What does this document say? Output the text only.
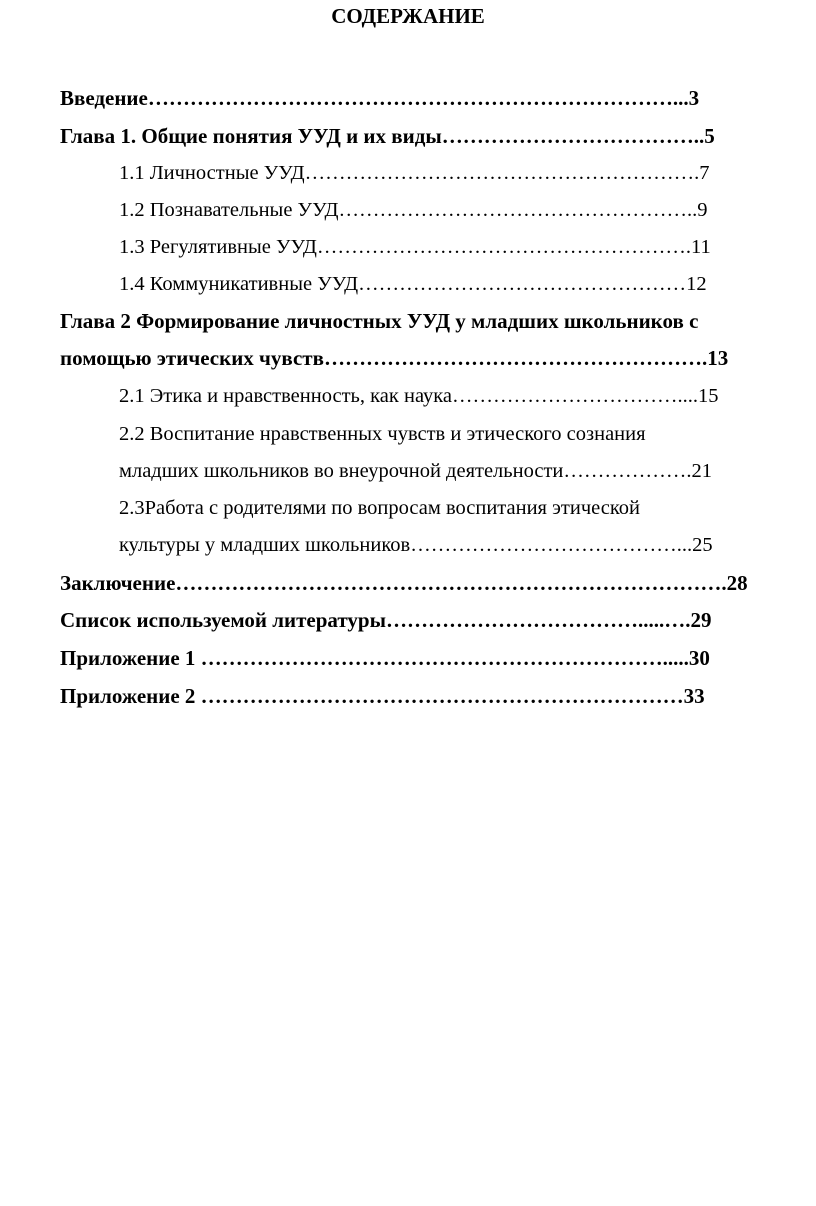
СОДЕРЖАНИЕ
Введение…………………………………………………………………...3
Глава 1. Общие понятия УУД и их виды………………………………..5
1.1 Личностные УУД………………………………………………….7
1.2 Познавательные УУД……………………………………………..9
1.3 Регулятивные УУД……………………………………………….11
1.4 Коммуникативные УУД…………………………………………12
Глава 2 Формирование личностных УУД у младших школьников с
помощью этических чувств……………………………………………….13
2.1 Этика и нравственность, как наука……………………………....15
2.2 Воспитание нравственных чувств и этического сознания
младших школьников во внеурочной деятельности……………….21
2.3Работа с родителями по вопросам воспитания этической
культуры у младших школьников…………………………………...25
Заключение…………………………………………………………………….28
Список используемой литературы……………………………….....….29
Приложение 1 ………………………………………………………….....30
Приложение 2 ……………………………………………………………33
